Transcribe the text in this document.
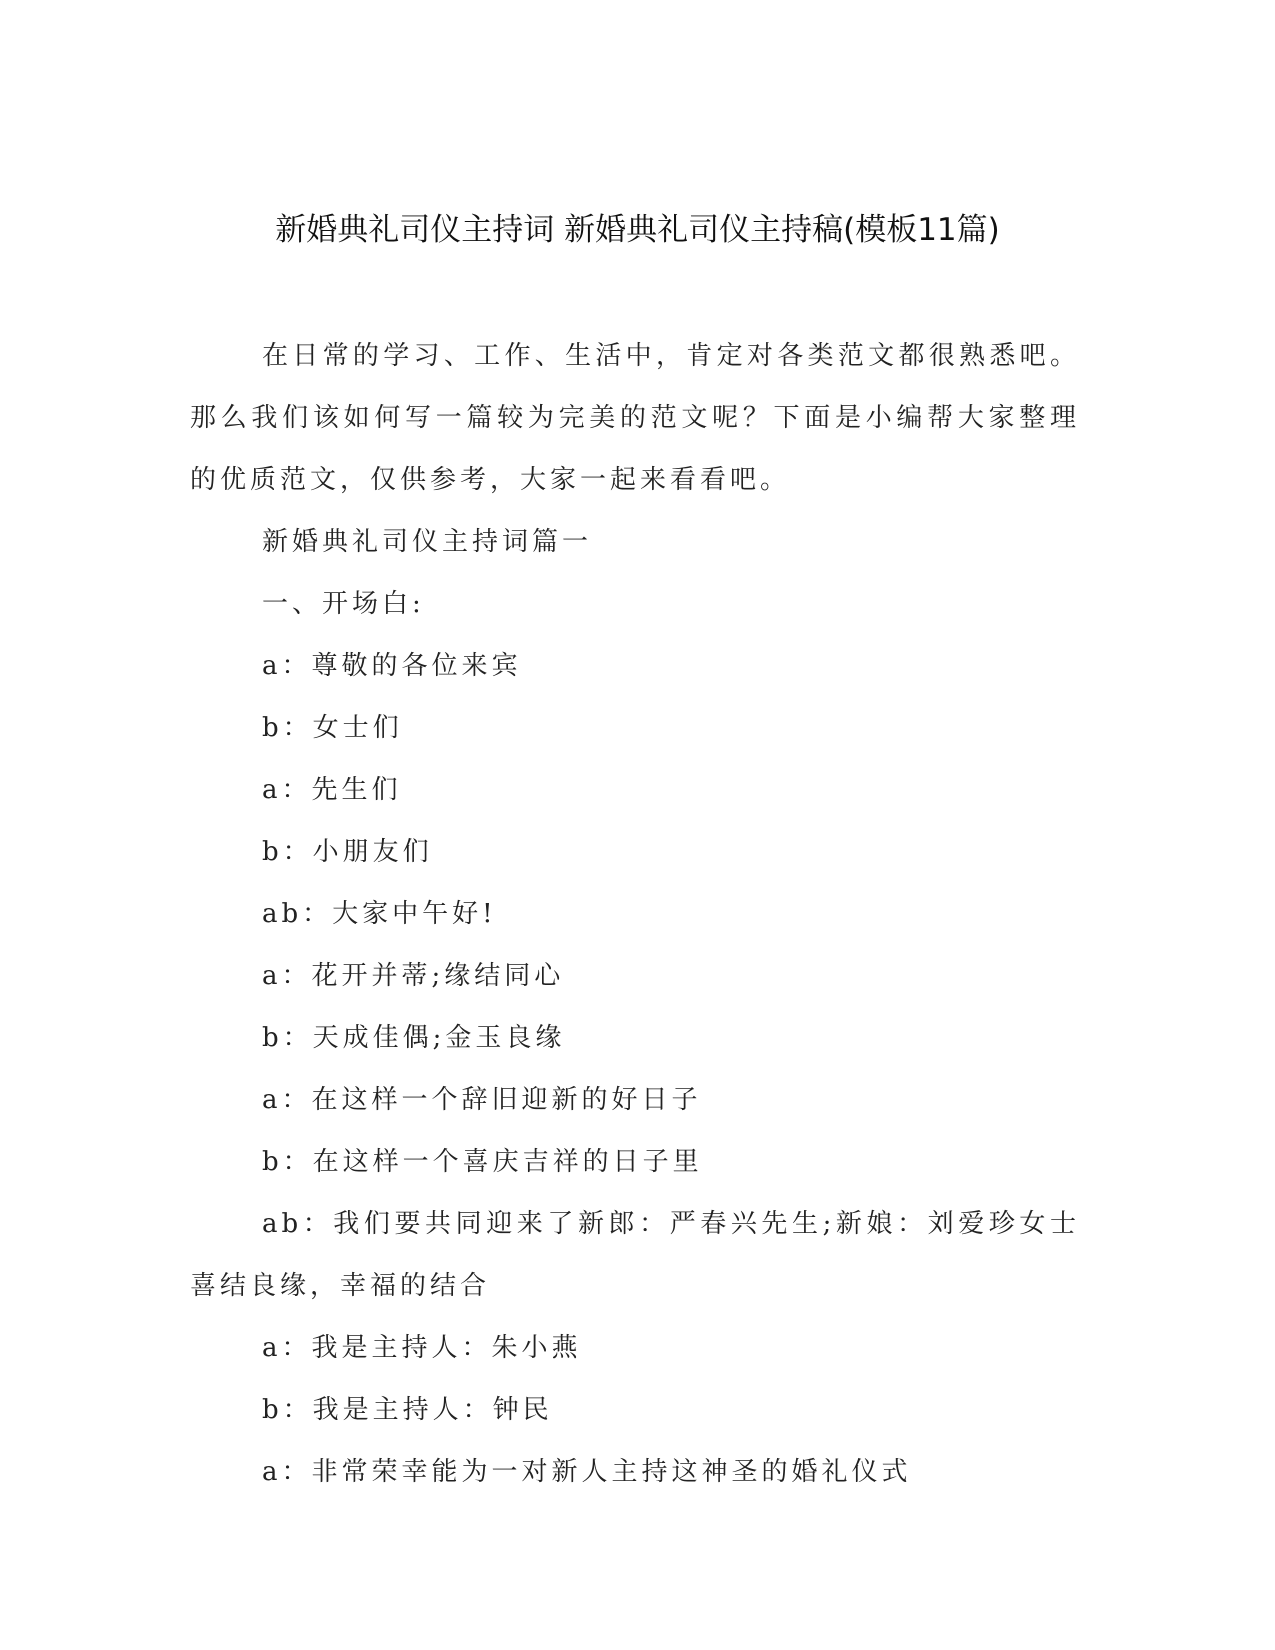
新婚典礼司仪主持词 新婚典礼司仪主持稿(模板11篇)

在日常的学习、工作、生活中，肯定对各类范文都很熟悉吧。那么我们该如何写一篇较为完美的范文呢？下面是小编帮大家整理的优质范文，仅供参考，大家一起来看看吧。

新婚典礼司仪主持词篇一

一、开场白:

a：尊敬的各位来宾

b：女士们

a：先生们

b：小朋友们

ab：大家中午好!

a：花开并蒂;缘结同心

b：天成佳偶;金玉良缘

a：在这样一个辞旧迎新的好日子

b：在这样一个喜庆吉祥的日子里

ab：我们要共同迎来了新郎：严春兴先生;新娘：刘爱珍女士喜结良缘，幸福的结合

a：我是主持人：朱小燕

b：我是主持人：钟民

a：非常荣幸能为一对新人主持这神圣的婚礼仪式
